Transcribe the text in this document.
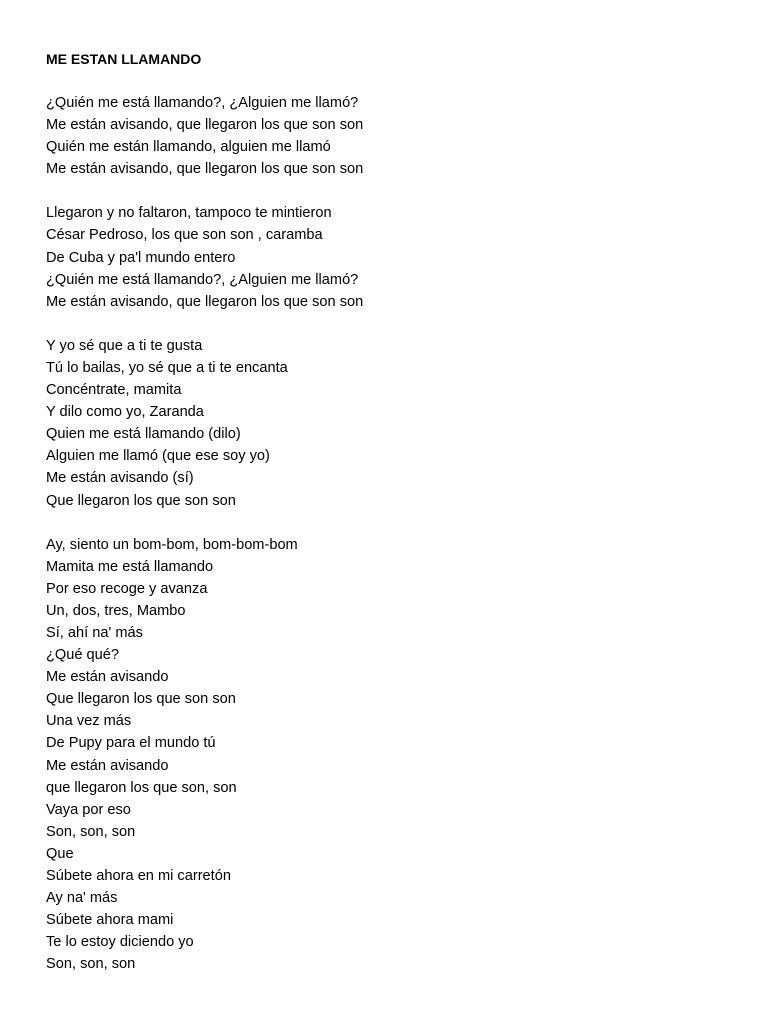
ME ESTAN LLAMANDO
¿Quién me está llamando?, ¿Alguien me llamó?
Me están avisando, que llegaron los que son son
Quién me están llamando, alguien me llamó
Me están avisando, que llegaron los que son son
Llegaron y no faltaron, tampoco te mintieron
César Pedroso, los que son son , caramba
De Cuba y pa'l mundo entero
¿Quién me está llamando?, ¿Alguien me llamó?
Me están avisando, que llegaron los que son son
Y yo sé que a ti te gusta
Tú lo bailas, yo sé que a ti te encanta
Concéntrate, mamita
Y dilo como yo, Zaranda
Quien me está llamando (dilo)
Alguien me llamó (que ese soy yo)
Me están avisando (sí)
Que llegaron los que son son
Ay, siento un bom-bom, bom-bom-bom
Mamita me está llamando
Por eso recoge y avanza
Un, dos, tres, Mambo
Sí, ahí na' más
¿Qué qué?
Me están avisando
Que llegaron los que son son
Una vez más
De Pupy para el mundo tú
Me están avisando
que llegaron los que son, son
Vaya por eso
Son, son, son
Que
Súbete ahora en mi carretón
Ay na' más
Súbete ahora mami
Te lo estoy diciendo yo
Son, son, son
